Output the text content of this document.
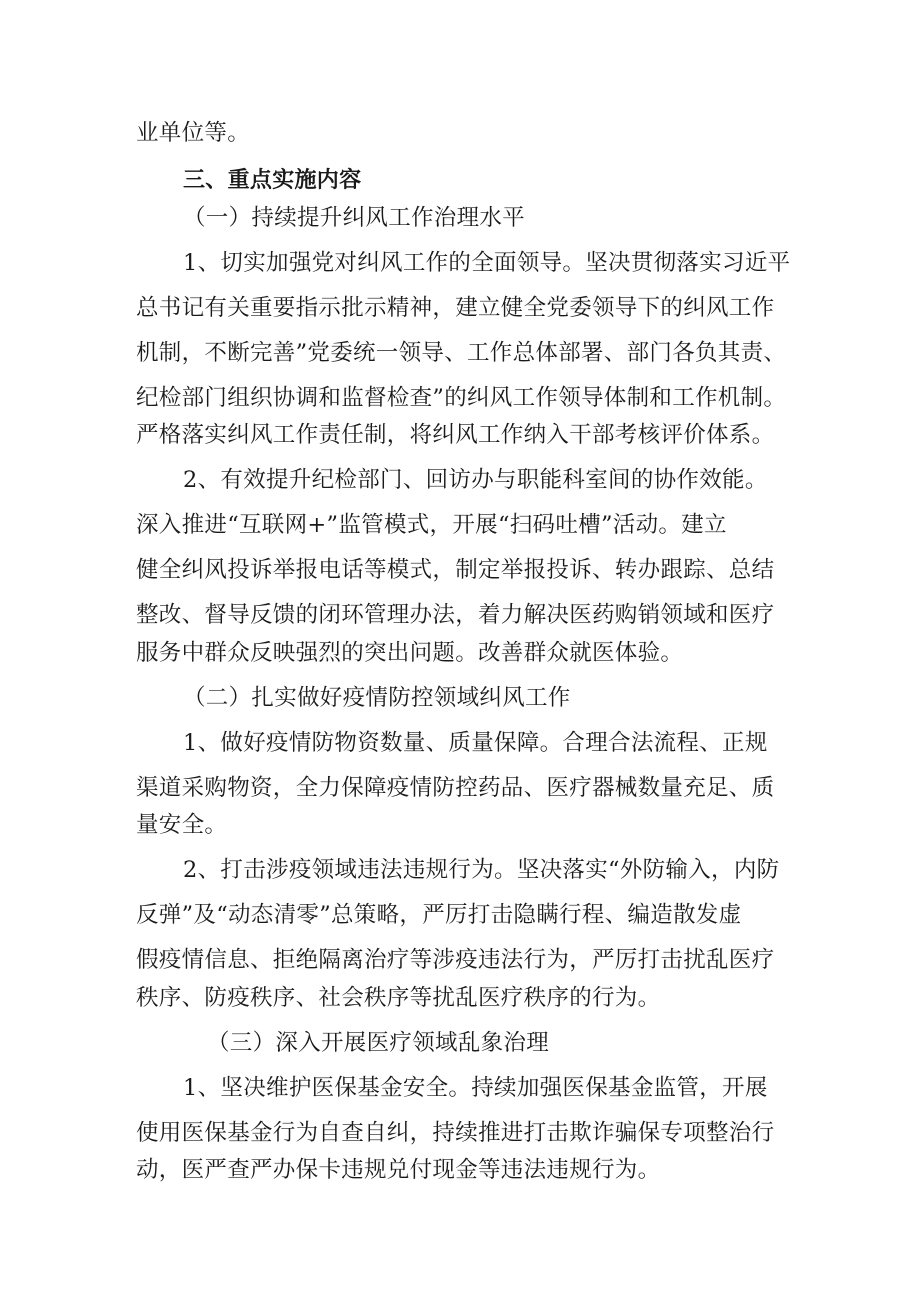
业单位等。
三、重点实施内容
（一）持续提升纠风工作治理水平
1、切实加强党对纠风工作的全面领导。坚决贯彻落实习近平
总书记有关重要指示批示精神，建立健全党委领导下的纠风工作
机制，不断完善”党委统一领导、工作总体部署、部门各负其责、
纪检部门组织协调和监督检查”的纠风工作领导体制和工作机制。
严格落实纠风工作责任制，将纠风工作纳入干部考核评价体系。
2、有效提升纪检部门、回访办与职能科室间的协作效能。
深入推进“互联网+”监管模式，开展“扫码吐槽”活动。建立
健全纠风投诉举报电话等模式，制定举报投诉、转办跟踪、总结
整改、督导反馈的闭环管理办法，着力解决医药购销领域和医疗
服务中群众反映强烈的突出问题。改善群众就医体验。
（二）扎实做好疫情防控领域纠风工作
1、做好疫情防物资数量、质量保障。合理合法流程、正规
渠道采购物资，全力保障疫情防控药品、医疗器械数量充足、质
量安全。
2、打击涉疫领域违法违规行为。坚决落实“外防输入，内防
反弹”及“动态清零”总策略，严厉打击隐瞒行程、编造散发虚
假疫情信息、拒绝隔离治疗等涉疫违法行为，严厉打击扰乱医疗
秩序、防疫秩序、社会秩序等扰乱医疗秩序的行为。
（三）深入开展医疗领域乱象治理
1、坚决维护医保基金安全。持续加强医保基金监管，开展
使用医保基金行为自查自纠，持续推进打击欺诈骗保专项整治行
动，医严查严办保卡违规兑付现金等违法违规行为。
